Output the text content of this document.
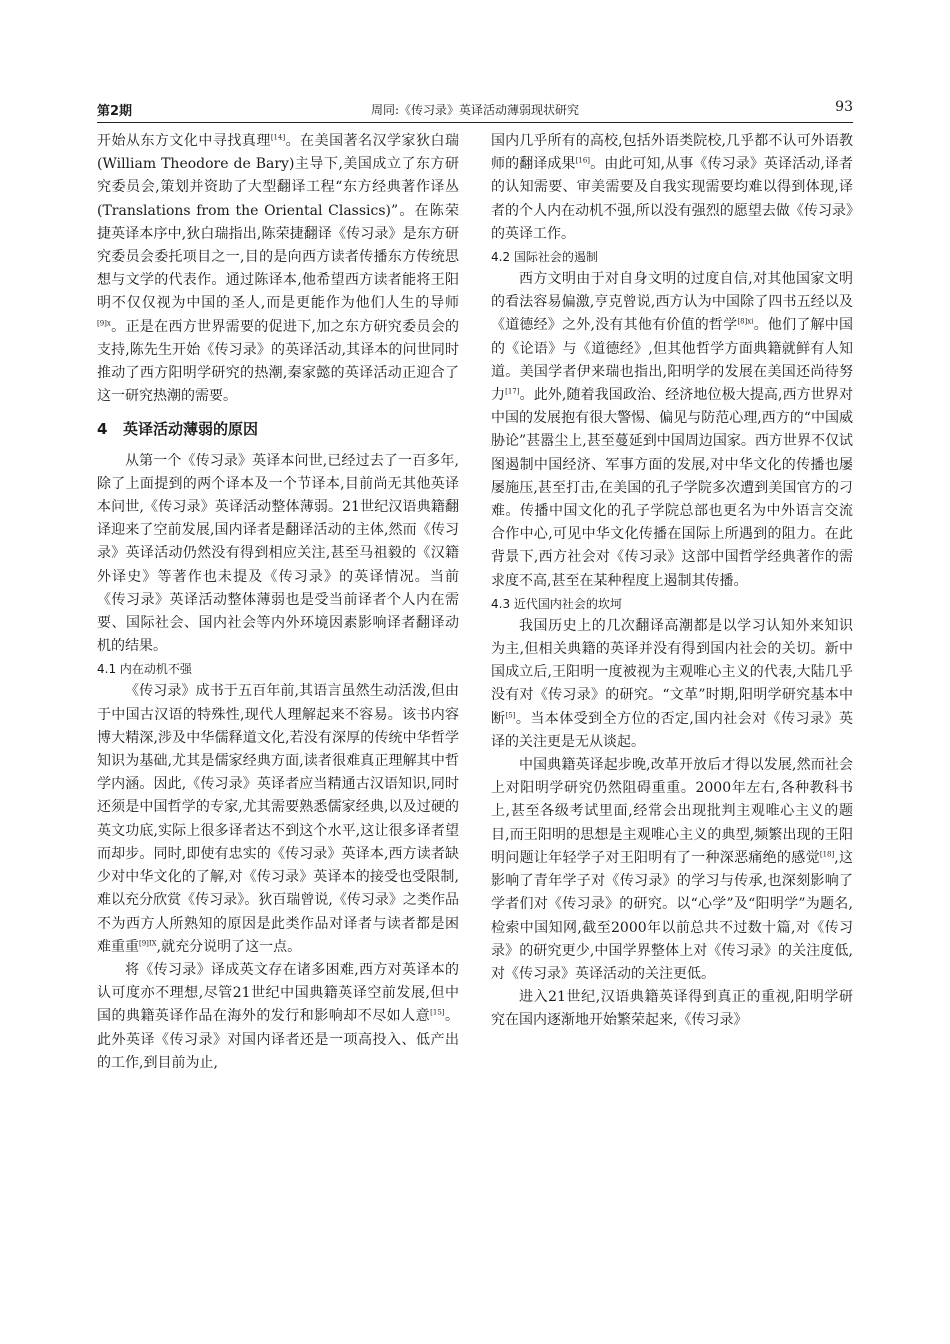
第2期	周同:《传习录》英译活动薄弱现状研究	93

开始从东方文化中寻找真理[14]。在美国著名汉学家狄白瑞(William Theodore de Bary)主导下,美国成立了东方研究委员会,策划并资助了大型翻译工程“东方经典著作译丛(Translations from the Oriental Classics)”。在陈荣捷英译本序中,狄白瑞指出,陈荣捷翻译《传习录》是东方研究委员会委托项目之一,目的是向西方读者传播东方传统思想与文学的代表作。通过陈译本,他希望西方读者能将王阳明不仅仅视为中国的圣人,而是更能作为他们人生的导师$^{[9]x}$。正是在西方世界需要的促进下,加之东方研究委员会的支持,陈先生开始《传习录》的英译活动,其译本的问世同时推动了西方阳明学研究的热潮,秦家懿的英译活动正迎合了这一研究热潮的需要。

4 英译活动薄弱的原因

从第一个《传习录》英译本问世,已经过去了一百多年,除了上面提到的两个译本及一个节译本,目前尚无其他英译本问世,《传习录》英译活动整体薄弱。21世纪汉语典籍翻译迎来了空前发展,国内译者是翻译活动的主体,然而《传习录》英译活动仍然没有得到相应关注,甚至马祖毅的《汉籍外译史》等著作也未提及《传习录》的英译情况。当前《传习录》英译活动整体薄弱也是受当前译者个人内在需要、国际社会、国内社会等内外环境因素影响译者翻译动机的结果。

4.1 内在动机不强

《传习录》成书于五百年前,其语言虽然生动活泼,但由于中国古汉语的特殊性,现代人理解起来不容易。该书内容博大精深,涉及中华儒释道文化,若没有深厚的传统中华哲学知识为基础,尤其是儒家经典方面,读者很难真正理解其中哲学内涵。因此,《传习录》英译者应当精通古汉语知识,同时还须是中国哲学的专家,尤其需要熟悉儒家经典,以及过硬的英文功底,实际上很多译者达不到这个水平,这让很多译者望而却步。同时,即使有忠实的《传习录》英译本,西方读者缺少对中华文化的了解,对《传习录》英译本的接受也受限制,难以充分欣赏《传习录》。狄百瑞曾说,《传习录》之类作品不为西方人所熟知的原因是此类作品对译者与读者都是困难重重$^{[9]IX}$,就充分说明了这一点。

将《传习录》译成英文存在诸多困难,西方对英译本的认可度亦不理想,尽管21世纪中国典籍英译空前发展,但中国的典籍英译作品在海外的发行和影响却不尽如人意[15]。此外英译《传习录》对国内译者还是一项高投入、低产出的工作,到目前为止,

国内几乎所有的高校,包括外语类院校,几乎都不认可外语教师的翻译成果[16]。由此可知,从事《传习录》英译活动,译者的认知需要、审美需要及自我实现需要均难以得到体现,译者的个人内在动机不强,所以没有强烈的愿望去做《传习录》的英译工作。

4.2 国际社会的遏制

西方文明由于对自身文明的过度自信,对其他国家文明的看法容易偏激,亨克曾说,西方认为中国除了四书五经以及《道德经》之外,没有其他有价值的哲学$^{[8]xi}$。他们了解中国的《论语》与《道德经》,但其他哲学方面典籍就鲜有人知道。美国学者伊来瑞也指出,阳明学的发展在美国还尚待努力[17]。此外,随着我国政治、经济地位极大提高,西方世界对中国的发展抱有很大警惕、偏见与防范心理,西方的“中国威胁论”甚嚣尘上,甚至蔓延到中国周边国家。西方世界不仅试图遏制中国经济、军事方面的发展,对中华文化的传播也屡屡施压,甚至打击,在美国的孔子学院多次遭到美国官方的刁难。传播中国文化的孔子学院总部也更名为中外语言交流合作中心,可见中华文化传播在国际上所遇到的阻力。在此背景下,西方社会对《传习录》这部中国哲学经典著作的需求度不高,甚至在某种程度上遏制其传播。

4.3 近代国内社会的坎坷

我国历史上的几次翻译高潮都是以学习认知外来知识为主,但相关典籍的英译并没有得到国内社会的关切。新中国成立后,王阳明一度被视为主观唯心主义的代表,大陆几乎没有对《传习录》的研究。“文革”时期,阳明学研究基本中断[5]。当本体受到全方位的否定,国内社会对《传习录》英译的关注更是无从谈起。

中国典籍英译起步晚,改革开放后才得以发展,然而社会上对阳明学研究仍然阻碍重重。2000年左右,各种教科书上,甚至各级考试里面,经常会出现批判主观唯心主义的题目,而王阳明的思想是主观唯心主义的典型,频繁出现的王阳明问题让年轻学子对王阳明有了一种深恶痛绝的感觉[18],这影响了青年学子对《传习录》的学习与传承,也深刻影响了学者们对《传习录》的研究。以“心学”及“阳明学”为题名,检索中国知网,截至2000年以前总共不过数十篇,对《传习录》的研究更少,中国学界整体上对《传习录》的关注度低,对《传习录》英译活动的关注更低。

进入21世纪,汉语典籍英译得到真正的重视,阳明学研究在国内逐渐地开始繁荣起来,《传习录》
